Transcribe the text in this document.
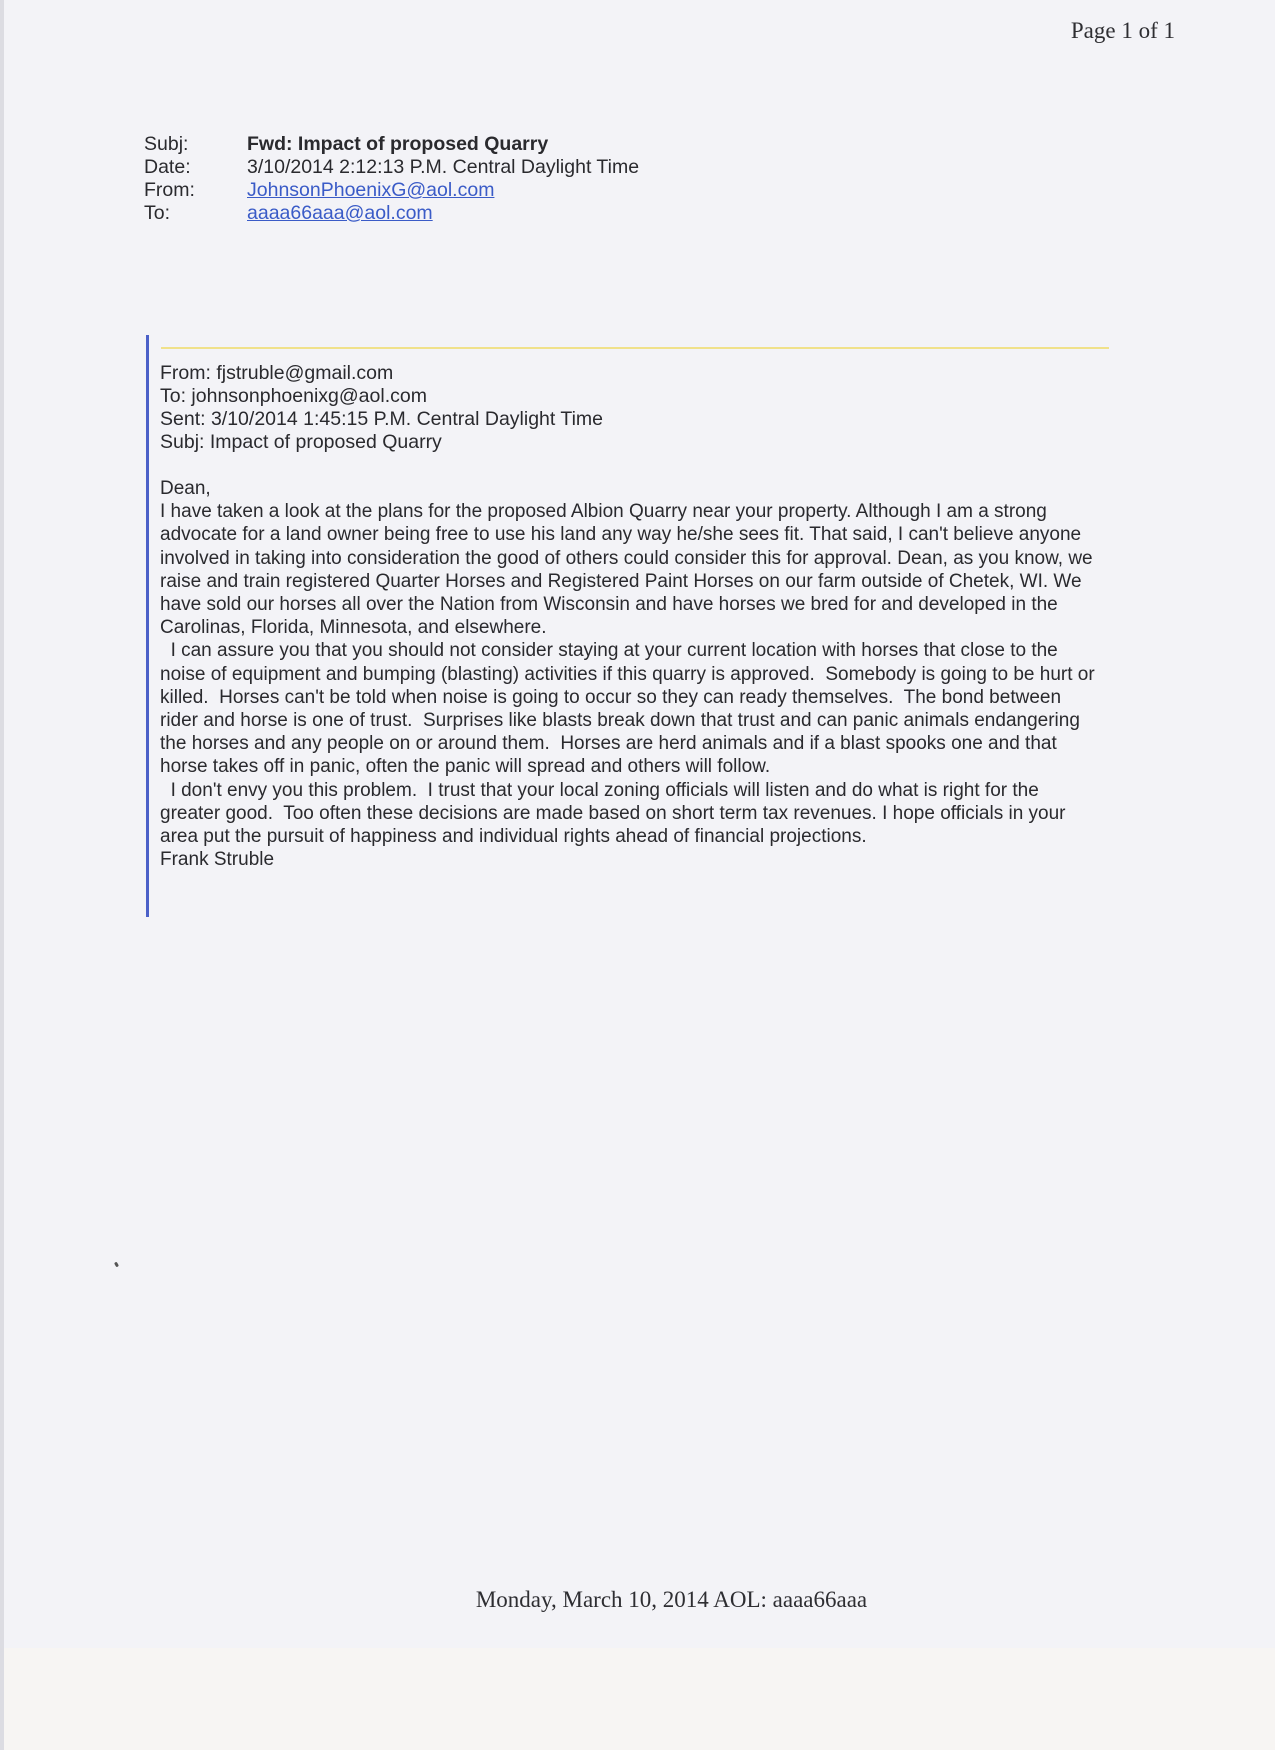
Page 1 of 1
Subj:	Fwd: Impact of proposed Quarry
Date:	3/10/2014 2:12:13 P.M. Central Daylight Time
From:	JohnsonPhoenixG@aol.com
To:	aaaa66aaa@aol.com
From: fjstruble@gmail.com
To: johnsonphoenixg@aol.com
Sent: 3/10/2014 1:45:15 P.M. Central Daylight Time
Subj: Impact of proposed Quarry

Dean,

I have taken a look at the plans for the proposed Albion Quarry near your property. Although I am a strong advocate for a land owner being free to use his land any way he/she sees fit. That said, I can't believe anyone involved in taking into consideration the good of others could consider this for approval. Dean, as you know, we raise and train registered Quarter Horses and Registered Paint Horses on our farm outside of Chetek, WI. We have sold our horses all over the Nation from Wisconsin and have horses we bred for and developed in the Carolinas, Florida, Minnesota, and elsewhere.

I can assure you that you should not consider staying at your current location with horses that close to the noise of equipment and bumping (blasting) activities if this quarry is approved.  Somebody is going to be hurt or killed.  Horses can't be told when noise is going to occur so they can ready themselves.  The bond between rider and horse is one of trust.  Surprises like blasts break down that trust and can panic animals endangering the horses and any people on or around them.  Horses are herd animals and if a blast spooks one and that horse takes off in panic, often the panic will spread and others will follow.

I don't envy you this problem.  I trust that your local zoning officials will listen and do what is right for the greater good.  Too often these decisions are made based on short term tax revenues. I hope officials in your area put the pursuit of happiness and individual rights ahead of financial projections.

Frank Struble

Monday, March 10, 2014 AOL: aaaa66aaa
